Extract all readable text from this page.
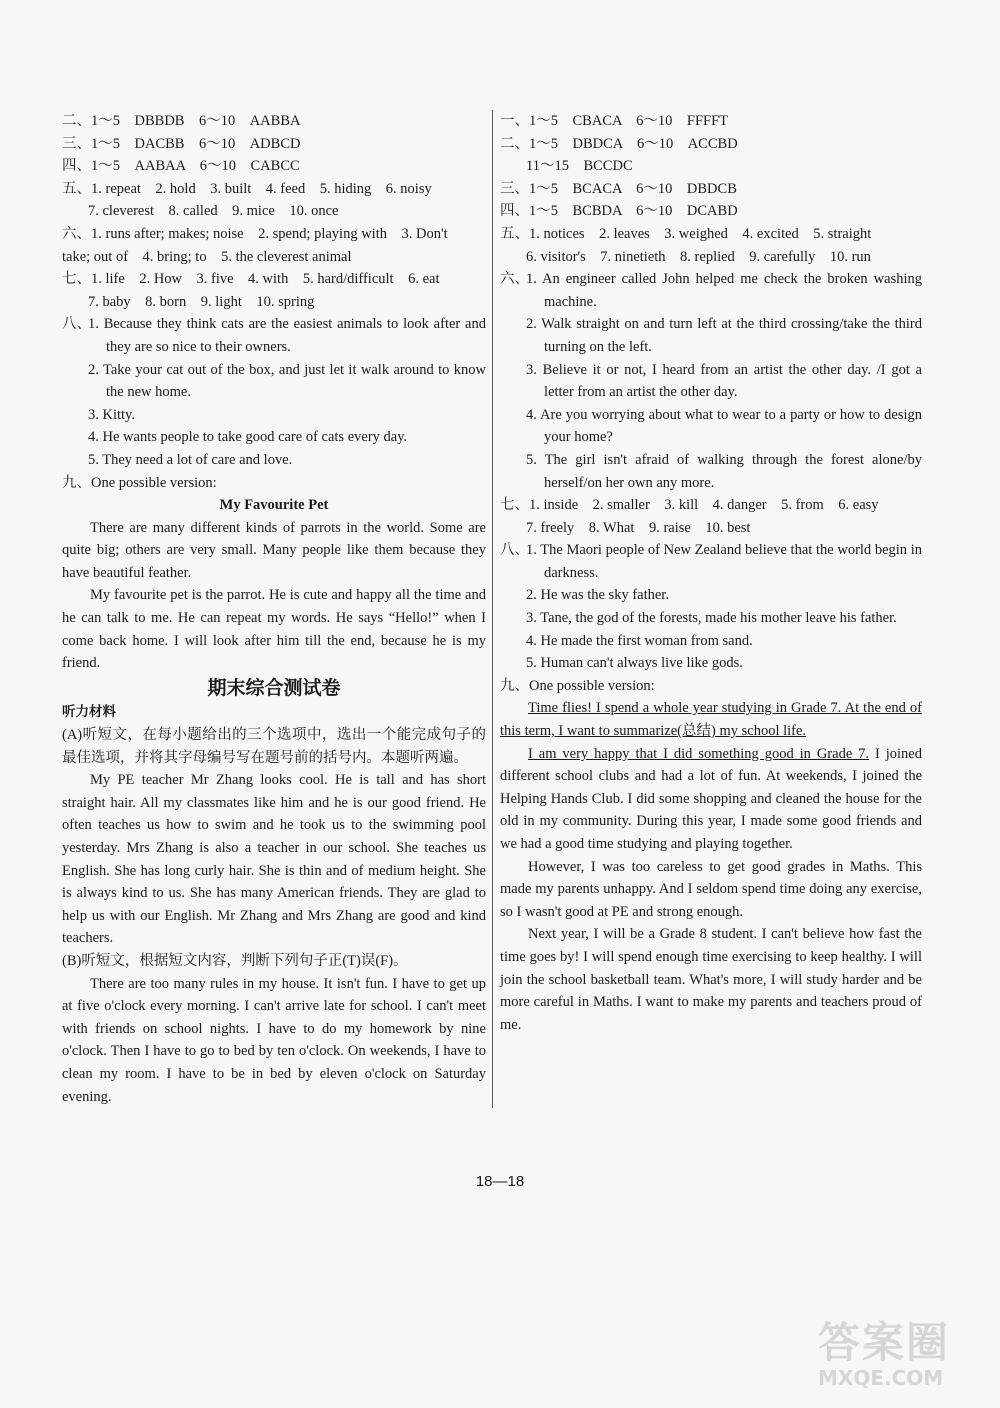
二、1～5　DBBDB　6～10　AABBA
三、1～5　DACBB　6～10　ADBCD
四、1～5　AABAA　6～10　CABCC
五、1. repeat　2. hold　3. built　4. feed　5. hiding　6. noisy
7. cleverest　8. called　9. mice　10. once
六、1. runs after; makes; noise　2. spend; playing with　3. Don't
take; out of　4. bring; to　5. the cleverest animal
七、1. life　2. How　3. five　4. with　5. hard/difficult　6. eat
7. baby　8. born　9. light　10. spring
八、
1. Because they think cats are the easiest animals to look after and they are so nice to their owners.
2. Take your cat out of the box, and just let it walk around to know the new home.
3. Kitty.
4. He wants people to take good care of cats every day.
5. They need a lot of care and love.
九、One possible version:
My Favourite Pet
There are many different kinds of parrots in the world. Some are quite big; others are very small. Many people like them because they have beautiful feather.
My favourite pet is the parrot. He is cute and happy all the time and he can talk to me. He can repeat my words. He says “Hello!” when I come back home. I will look after him till the end, because he is my friend.
期末综合测试卷
听力材料
(A)听短文，在每小题给出的三个选项中，选出一个能完成句子的最佳选项，并将其字母编号写在题号前的括号内。本题听两遍。
My PE teacher Mr Zhang looks cool. He is tall and has short straight hair. All my classmates like him and he is our good friend. He often teaches us how to swim and he took us to the swimming pool yesterday. Mrs Zhang is also a teacher in our school. She teaches us English. She has long curly hair. She is thin and of medium height. She is always kind to us. She has many American friends. They are glad to help us with our English. Mr Zhang and Mrs Zhang are good and kind teachers.
(B)听短文，根据短文内容，判断下列句子正(T)误(F)。
There are too many rules in my house. It isn't fun. I have to get up at five o'clock every morning. I can't arrive late for school. I can't meet with friends on school nights. I have to do my homework by nine o'clock. Then I have to go to bed by ten o'clock. On weekends, I have to clean my room. I have to be in bed by eleven o'clock on Saturday evening.
一、1～5　CBACA　6～10　FFFFT
二、1～5　DBDCA　6～10　ACCBD
11～15　BCCDC
三、1～5　BCACA　6～10　DBDCB
四、1～5　BCBDA　6～10　DCABD
五、1. notices　2. leaves　3. weighed　4. excited　5. straight
6. visitor's　7. ninetieth　8. replied　9. carefully　10. run
六、
1. An engineer called John helped me check the broken washing machine.
2. Walk straight on and turn left at the third crossing/take the third turning on the left.
3. Believe it or not, I heard from an artist the other day. /I got a letter from an artist the other day.
4. Are you worrying about what to wear to a party or how to design your home?
5. The girl isn't afraid of walking through the forest alone/by herself/on her own any more.
七、1. inside　2. smaller　3. kill　4. danger　5. from　6. easy
7. freely　8. What　9. raise　10. best
八、
1. The Maori people of New Zealand believe that the world begin in darkness.
2. He was the sky father.
3. Tane, the god of the forests, made his mother leave his father.
4. He made the first woman from sand.
5. Human can't always live like gods.
九、One possible version:
Time flies! I spend a whole year studying in Grade 7. At the end of this term, I want to summarize(总结) my school life.
I am very happy that I did something good in Grade 7. I joined different school clubs and had a lot of fun. At weekends, I joined the Helping Hands Club. I did some shopping and cleaned the house for the old in my community. During this year, I made some good friends and we had a good time studying and playing together.
However, I was too careless to get good grades in Maths. This made my parents unhappy. And I seldom spend time doing any exercise, so I wasn't good at PE and strong enough.
Next year, I will be a Grade 8 student. I can't believe how fast the time goes by! I will spend enough time exercising to keep healthy. I will join the school basketball team. What's more, I will study harder and be more careful in Maths. I want to make my parents and teachers proud of me.
18—18
答案圈
MXQE.COM
